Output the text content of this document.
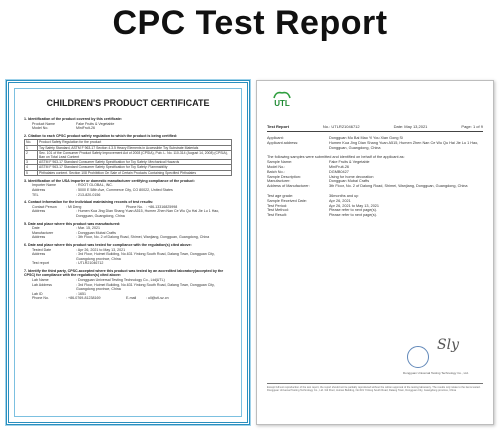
CPC Test Report
CHILDREN'S PRODUCT CERTIFICATE
1. Identification of the product covered by this certificate:
Product Name	Fake Fruits & Vegetable
Model No.	MiniFruit-26
2. Citation to each CPSC product safety regulation to which the product is being certified:
No.	Product Safety Regulation for the product
1	Toy Safety Standard, ASTM F 963-17 Section 4.3.5 Heavy Elements in Accessible Toy Substrate Materials
2	Sec. 101 of the Consumer Product Safety Improvement Act of 2008 (CPSIA), Pub. L. No. 110-314 (August 14, 2008) (CPSIA), Ban on Total Lead Content
3	ASTM F 963-17 Standard Consumer Safety Specification for Toy Safety: Mechanical Hazards
4	ASTM F 963-17 Standard Consumer Safety Specification for Toy Safety: Flammability
5	Phthalates content. Section 108 Prohibition On Sale of Certain Products Containing Specified Phthalates
3. Identification of the USA importer or domestic manufacturer certifying compliance of the product:
Importer Name	: ROOT GLOBAL, INC.
Address	: 5000 E 58th Ave, Commerce City, CO 80022, United States
TEL	: 213-820-0156
4. Contact Information for the individual maintaining records of test results:
Contact Person	: Mi Deng	Phone No. : +86-13316825998
Address	: Humen Kua Jing Dian Shang Yuan A515, Humen Zhen Nan Ce Wu Qu Hai Jie Lu 1 Hao, Dongguan, Guangdong, China
5. Date and place where this product was manufactured:
Date	: Mar. 15, 2021
Manufacturer	: Dongguan Mubai Crafts
Address	: 3th Floor, No. 2 of Dalong Road, Shimei, Wanjiang, Dongguan, Guangdong, China
6. Date and place where this product was tested for compliance with the regulation(s) cited above:
Tested Date	: Apr 26, 2021 to May 13, 2021
Address	: 3rd Floor, Huimei Building, No.631 Yinlong South Road, Dalang Town, Dongguan City, Guangdong province, China
Test report	: UTLR21046712
7. Identify the third party, CPSC-accepted where this product was tested by an accredited laboratory(accepted by the CPSC) for compliance with the regulation(s) cited above:
Lab Name	: Dongguan Universal Testing Technology Co., Ltd(UTL)
Lab Address	: 3rd Floor, Huimei Building, No.631 Yinlong South Road, Dalang Town, Dongguan City, Guangdong province, China
Lab ID	: 1651
Phone No.	: +86-0769-81238169	E-mail	: ull@utl-sz.cn
UTL
Test Report	No.: UTLR21046712	Date: May 13,2021	Page: 1 of 9
Applicant:	Dongguan Mu Bai Mao Yi You Xian Gong Si
Applicant address:	Humen Kua Jing Dian Shang Yuan A515, Humen Zhen Nan Ce Wu Qu Hai Jie Lu 1 Hao, Dongguan, Guangdong, China
The following samples were submitted and identified on behalf of the applicant as:
Sample Name:	Fake Fruits & Vegetable
Model No.:	MiniFruit-26
Batch No.:	DGMB0427
Sample Description:	Using for home decoration
Manufacturer:	Dongguan Mubai Crafts
Address of Manufacturer:	3th Floor, No. 2 of Dalong Road, Shimei, Wanjiang, Dongguan, Guangdong, China
Test age grade:	36months and up
Sample Received Date:	Apr 26, 2021
Test Period:	Apr 26, 2021 to May 13, 2021
Test Method:	Please refer to next page(s).
Test Result:	Please refer to next page(s).
Sly
Dongguan Universal Testing Technology Co., Ltd.
Except full text reproduction of the test report, the report should not be partially reproduced without the written approval of the testing laboratory. The results only relate to the items tested. Dongguan Universal Testing Technology Co., Ltd. 3rd Floor, Huimei Building, No.631 Yinlong South Road, Dalang Town, Dongguan City, Guangdong province, China
